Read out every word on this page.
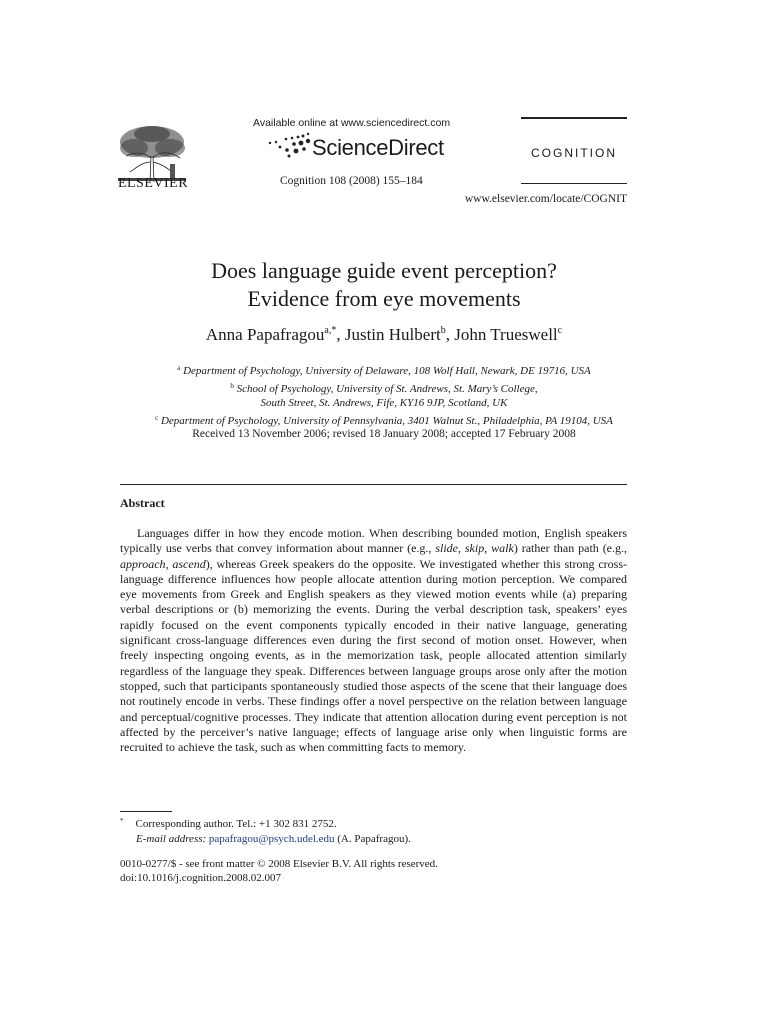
ELSEVIER
Available online at www.sciencedirect.com
ScienceDirect
Cognition 108 (2008) 155–184
COGNITION
www.elsevier.com/locate/COGNIT
Does language guide event perception?
Evidence from eye movements
Anna Papafragou$^{a,*}$, Justin Hulbert$^b$, John Trueswell$^c$
$^a$ Department of Psychology, University of Delaware, 108 Wolf Hall, Newark, DE 19716, USA
$^b$ School of Psychology, University of St. Andrews, St. Mary’s College,
South Street, St. Andrews, Fife, KY16 9JP, Scotland, UK
$^c$ Department of Psychology, University of Pennsylvania, 3401 Walnut St., Philadelphia, PA 19104, USA
Received 13 November 2006; revised 18 January 2008; accepted 17 February 2008
Abstract
Languages differ in how they encode motion. When describing bounded motion, English speakers typically use verbs that convey information about manner (e.g., slide, skip, walk) rather than path (e.g., approach, ascend), whereas Greek speakers do the opposite. We investigated whether this strong cross-language difference influences how people allocate attention during motion perception. We compared eye movements from Greek and English speakers as they viewed motion events while (a) preparing verbal descriptions or (b) memorizing the events. During the verbal description task, speakers’ eyes rapidly focused on the event components typically encoded in their native language, generating significant cross-language differences even during the first second of motion onset. However, when freely inspecting ongoing events, as in the memorization task, people allocated attention similarly regardless of the language they speak. Differences between language groups arose only after the motion stopped, such that participants spontaneously studied those aspects of the scene that their language does not routinely encode in verbs. These findings offer a novel perspective on the relation between language and perceptual/cognitive processes. They indicate that attention allocation during event perception is not affected by the perceiver’s native language; effects of language arise only when linguistic forms are recruited to achieve the task, such as when committing facts to memory.
* Corresponding author. Tel.: +1 302 831 2752.
E-mail address: papafragou@psych.udel.edu (A. Papafragou).
0010-0277/$ - see front matter © 2008 Elsevier B.V. All rights reserved.
doi:10.1016/j.cognition.2008.02.007
